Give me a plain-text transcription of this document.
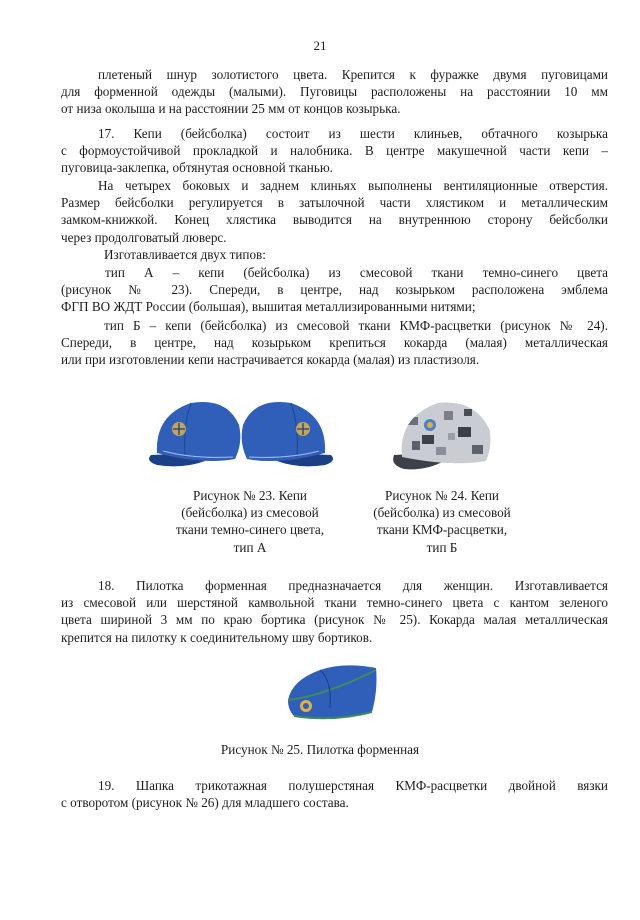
21
плетеный шнур золотистого цвета. Крепится к фуражке двумя пуговицами
для форменной одежды (малыми). Пуговицы расположены на расстоянии 10 мм
от низа околыша и на расстоянии 25 мм от концов козырька.
17. Кепи (бейсболка) состоит из шести клиньев, обтачного козырька
с формоустойчивой прокладкой и налобника. В центре макушечной части кепи –
пуговица-заклепка, обтянутая основной тканью.
На четырех боковых и заднем клиньях выполнены вентиляционные отверстия.
Размер бейсболки регулируется в затылочной части хлястиком и металлическим
замком-книжкой. Конец хлястика выводится на внутреннюю сторону бейсболки
через продолговатый люверс.
Изготавливается двух типов:
тип А – кепи (бейсболка) из смесовой ткани темно-синего цвета
(рисунок № 23). Спереди, в центре, над козырьком расположена эмблема
ФГП ВО ЖДТ России (большая), вышитая металлизированными нитями;
тип Б – кепи (бейсболка) из смесовой ткани КМФ-расцветки (рисунок № 24).
Спереди, в центре, над козырьком крепиться кокарда (малая) металлическая
или при изготовлении кепи настрачивается кокарда (малая) из пластизоля.
Рисунок № 23. Кепи
(бейсболка) из смесовой
ткани темно-синего цвета,
тип А
Рисунок № 24. Кепи
(бейсболка) из смесовой
ткани КМФ-расцветки,
тип Б
18. Пилотка форменная предназначается для женщин. Изготавливается
из смесовой или шерстяной камвольной ткани темно-синего цвета с кантом зеленого
цвета шириной 3 мм по краю бортика (рисунок № 25). Кокарда малая металлическая
крепится на пилотку к соединительному шву бортиков.
Рисунок № 25. Пилотка форменная
19. Шапка трикотажная полушерстяная КМФ-расцветки двойной вязки
с отворотом (рисунок № 26) для младшего состава.
